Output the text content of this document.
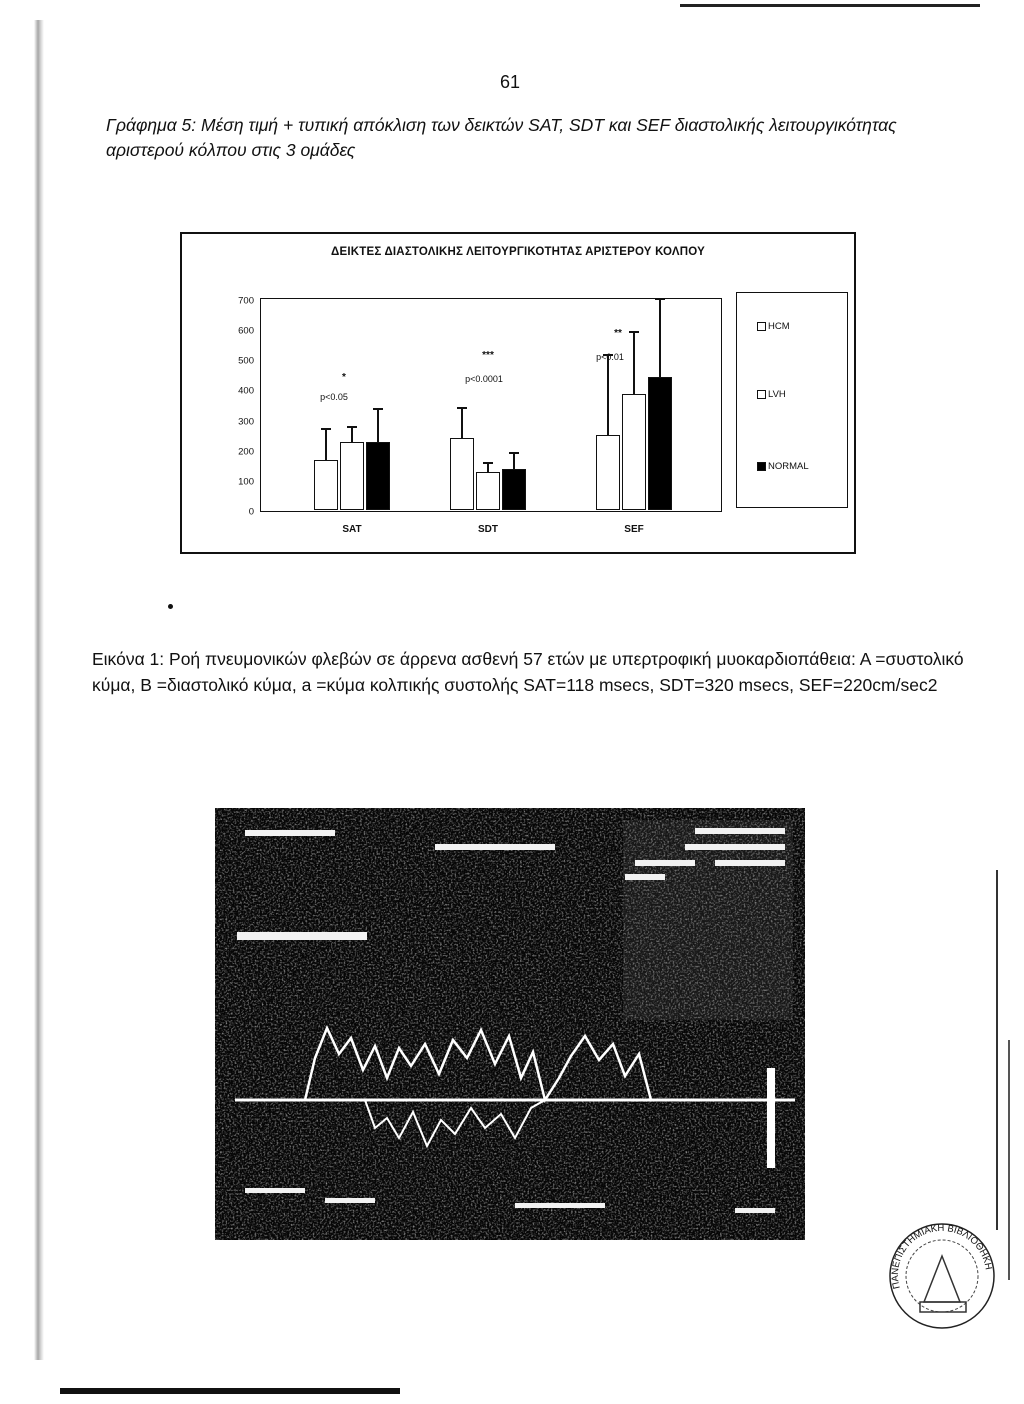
61
Γράφημα 5: Μέση τιμή + τυπική απόκλιση των δεικτών SAT, SDT και SEF διαστολικής λειτουργικότητας αριστερού κόλπου στις 3 ομάδες
ΔΕΙΚΤΕΣ ΔΙΑΣΤΟΛΙΚΗΣ ΛΕΙΤΟΥΡΓΙΚΟΤΗΤΑΣ ΑΡΙΣΤΕΡΟΥ ΚΟΛΠΟΥ
HCM
LVH
NORMAL
0
100
200
300
400
500
600
700
SAT	SDT	SEF
*
p<0.05
***
p<0.0001
**
p<0.01
Εικόνα 1: Ροή πνευμονικών φλεβών σε άρρενα ασθενή 57 ετών με υπερτροφική μυοκαρδιοπάθεια: Α =συστολικό κύμα, Β =διαστολικό κύμα, a =κύμα κολπικής συστολής SAT=118 msecs, SDT=320 msecs, SEF=220cm/sec2
ΠΑΝΕΠΙΣΤΗΜΙΑΚΗ ΒΙΒΛΙΟΘΗΚΗ
